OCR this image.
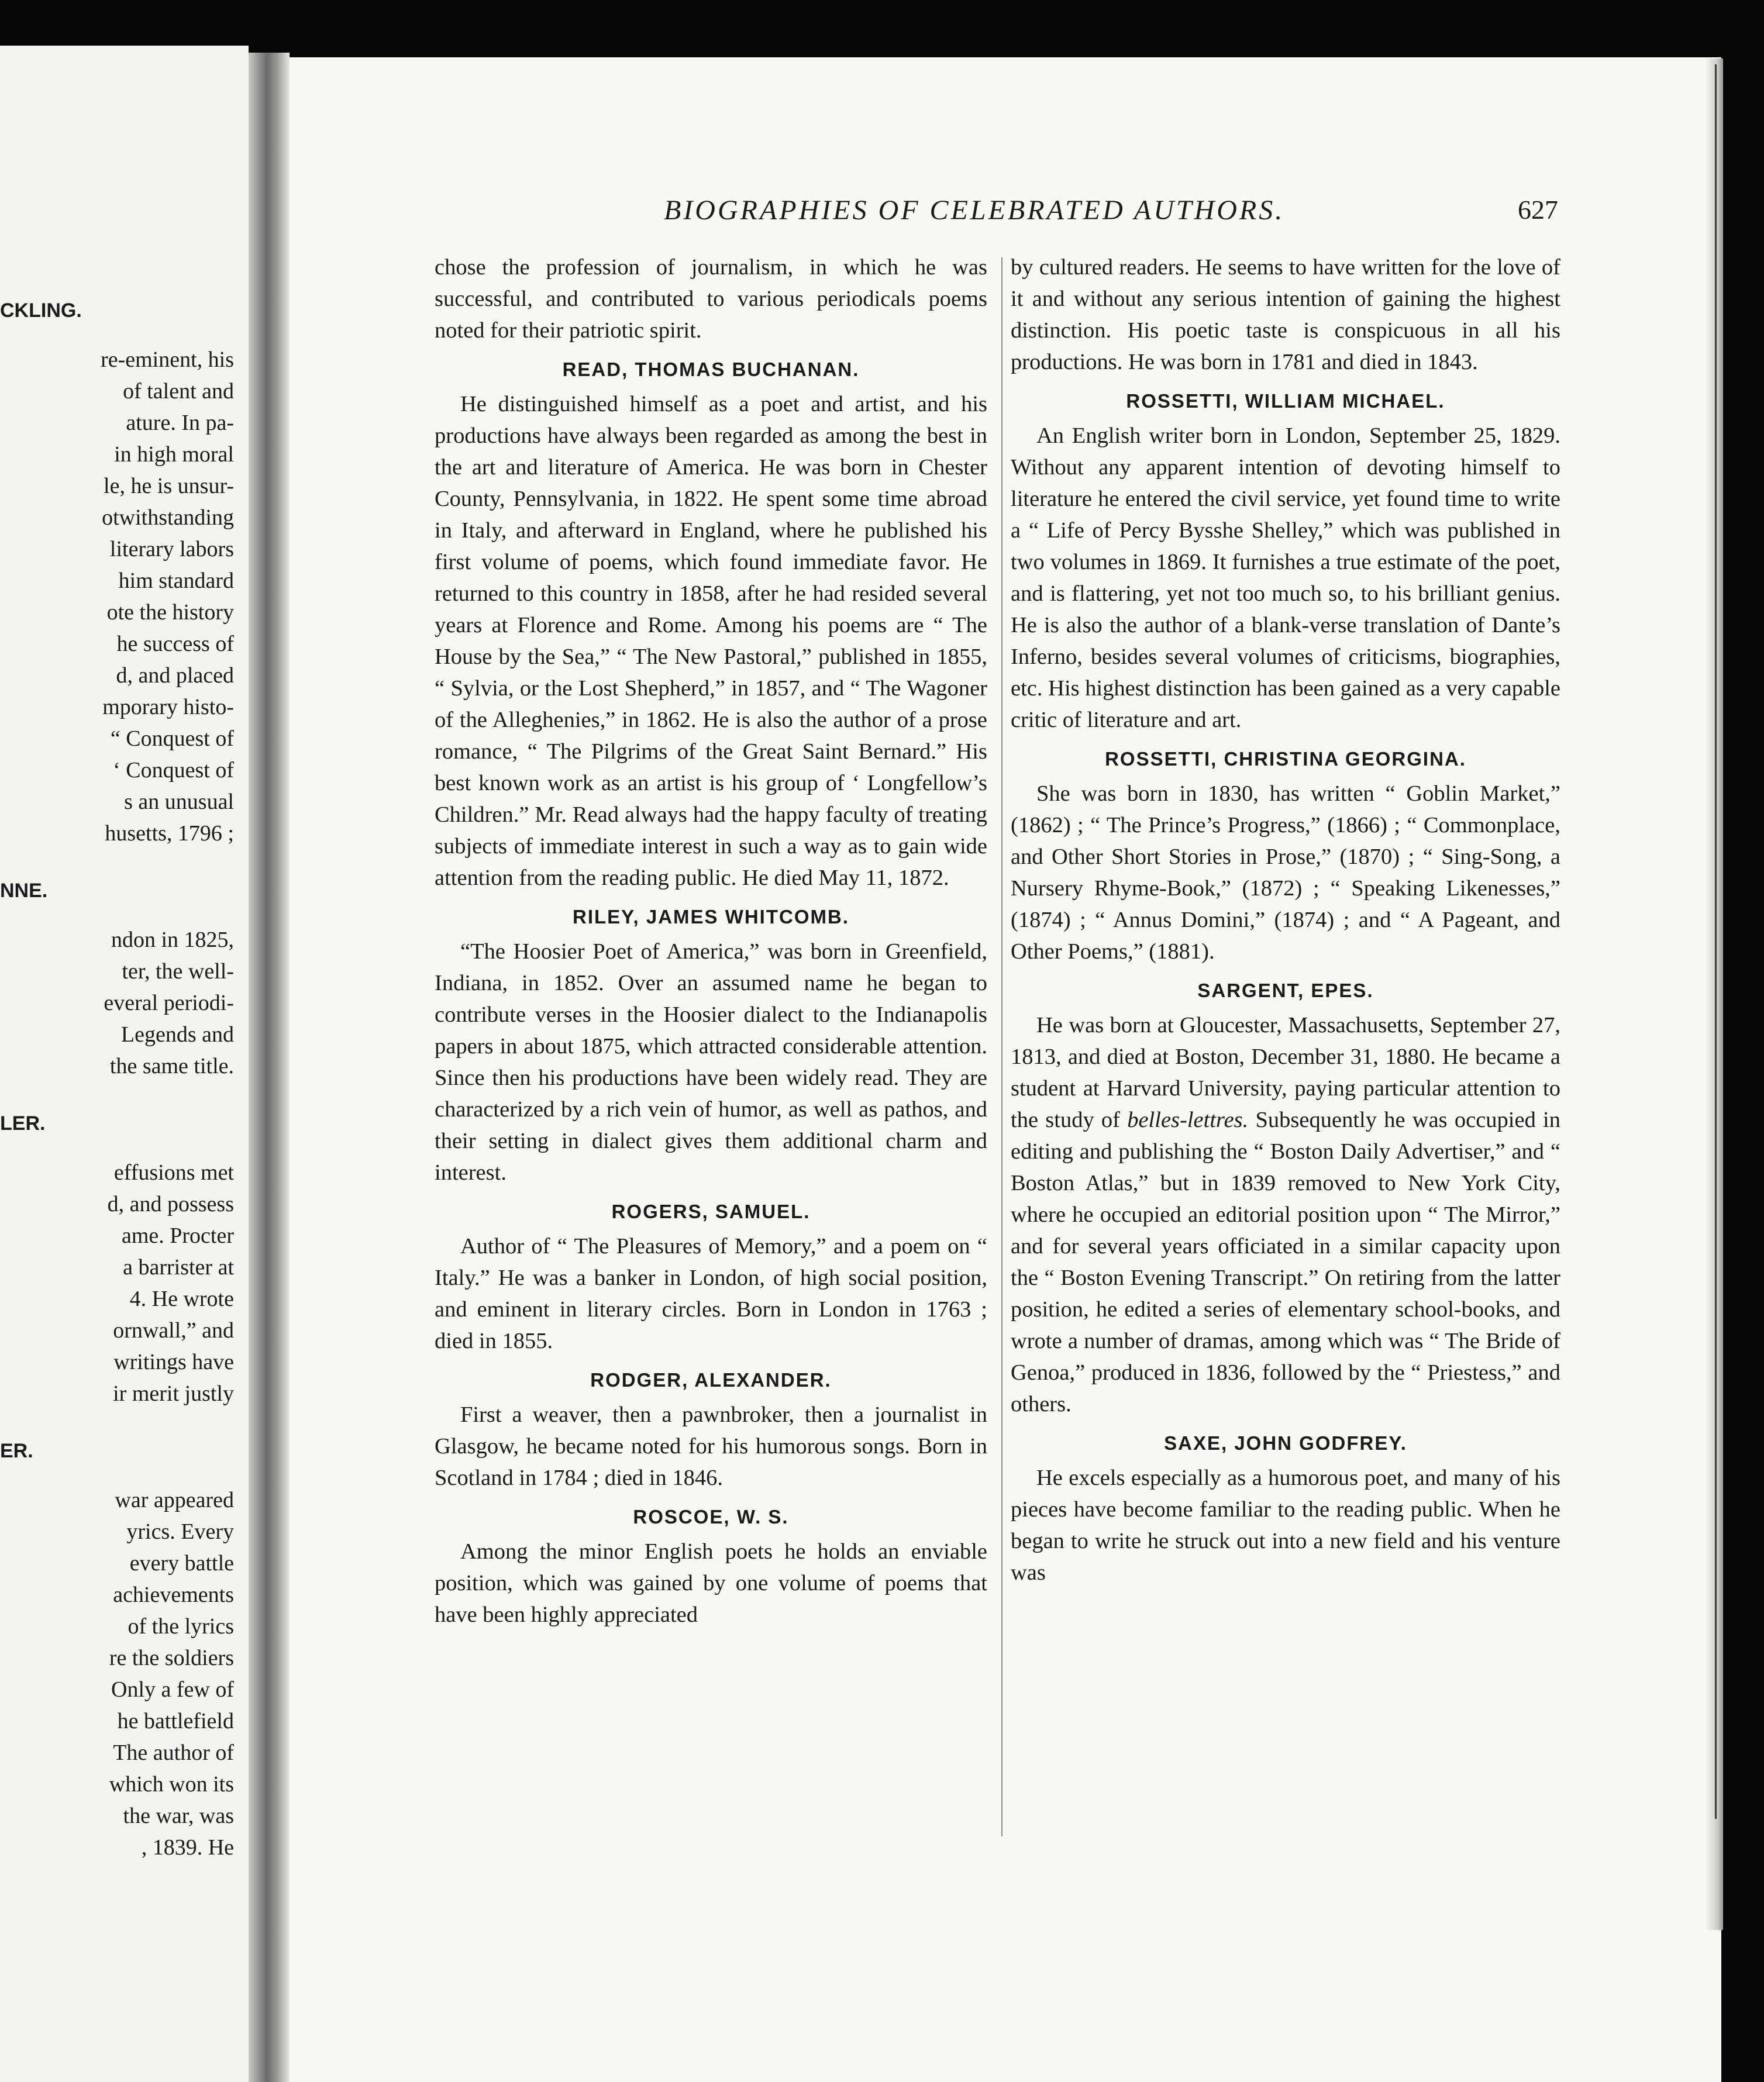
CKLING.
re-eminent, his
of talent and
ature. In pa-
in high moral
le, he is unsur-
otwithstanding
literary labors
him standard
ote the history
he success of
d, and placed
mporary histo-
“ Conquest of
‘ Conquest of
s an unusual
husetts, 1796 ;
NNE.
ndon in 1825,
ter, the well-
everal periodi-
Legends and
the same title.
LER.
effusions met
d, and possess
ame. Procter
a barrister at
4. He wrote
ornwall,” and
writings have
ir merit justly
ER.
war appeared
yrics. Every
every battle
achievements
of the lyrics
re the soldiers
Only a few of
he battlefield
The author of
which won its
the war, was
, 1839. He
BIOGRAPHIES OF CELEBRATED AUTHORS.	627

chose the profession of journalism, in which he was successful, and contributed to various periodicals poems noted for their patriotic spirit.

READ, THOMAS BUCHANAN.

He distinguished himself as a poet and artist, and his productions have always been regarded as among the best in the art and literature of America. He was born in Chester County, Pennsylvania, in 1822. He spent some time abroad in Italy, and afterward in England, where he published his first volume of poems, which found immediate favor. He returned to this country in 1858, after he had resided several years at Florence and Rome. Among his poems are “ The House by the Sea,” “ The New Pastoral,” published in 1855, “ Sylvia, or the Lost Shepherd,” in 1857, and “ The Wagoner of the Alleghenies,” in 1862. He is also the author of a prose romance, “ The Pilgrims of the Great Saint Bernard.” His best known work as an artist is his group of ‘ Longfellow’s Children.” Mr. Read always had the happy faculty of treating subjects of immediate interest in such a way as to gain wide attention from the reading public. He died May 11, 1872.

RILEY, JAMES WHITCOMB.

“The Hoosier Poet of America,” was born in Greenfield, Indiana, in 1852. Over an assumed name he began to contribute verses in the Hoosier dialect to the Indianapolis papers in about 1875, which attracted considerable attention. Since then his productions have been widely read. They are characterized by a rich vein of humor, as well as pathos, and their setting in dialect gives them additional charm and interest.

ROGERS, SAMUEL.

Author of “ The Pleasures of Memory,” and a poem on “ Italy.” He was a banker in London, of high social position, and eminent in literary circles. Born in London in 1763 ; died in 1855.

RODGER, ALEXANDER.

First a weaver, then a pawnbroker, then a journalist in Glasgow, he became noted for his humorous songs. Born in Scotland in 1784 ; died in 1846.

ROSCOE, W. S.

Among the minor English poets he holds an enviable position, which was gained by one volume of poems that have been highly appreciated

by cultured readers. He seems to have written for the love of it and without any serious intention of gaining the highest distinction. His poetic taste is conspicuous in all his productions. He was born in 1781 and died in 1843.

ROSSETTI, WILLIAM MICHAEL.

An English writer born in London, September 25, 1829. Without any apparent intention of devoting himself to literature he entered the civil service, yet found time to write a “ Life of Percy Bysshe Shelley,” which was published in two volumes in 1869. It furnishes a true estimate of the poet, and is flattering, yet not too much so, to his brilliant genius. He is also the author of a blank-verse translation of Dante’s Inferno, besides several volumes of criticisms, biographies, etc. His highest distinction has been gained as a very capable critic of literature and art.

ROSSETTI, CHRISTINA GEORGINA.

She was born in 1830, has written “ Goblin Market,” (1862) ; “ The Prince’s Progress,” (1866) ; “ Commonplace, and Other Short Stories in Prose,” (1870) ; “ Sing-Song, a Nursery Rhyme-Book,” (1872) ; “ Speaking Likenesses,” (1874) ; “ Annus Domini,” (1874) ; and “ A Pageant, and Other Poems,” (1881).

SARGENT, EPES.

He was born at Gloucester, Massachusetts, September 27, 1813, and died at Boston, December 31, 1880. He became a student at Harvard University, paying particular attention to the study of belles-lettres. Subsequently he was occupied in editing and publishing the “ Boston Daily Advertiser,” and “ Boston Atlas,” but in 1839 removed to New York City, where he occupied an editorial position upon “ The Mirror,” and for several years officiated in a similar capacity upon the “ Boston Evening Transcript.” On retiring from the latter position, he edited a series of elementary school-books, and wrote a number of dramas, among which was “ The Bride of Genoa,” produced in 1836, followed by the “ Priestess,” and others.

SAXE, JOHN GODFREY.

He excels especially as a humorous poet, and many of his pieces have become familiar to the reading public. When he began to write he struck out into a new field and his venture was
